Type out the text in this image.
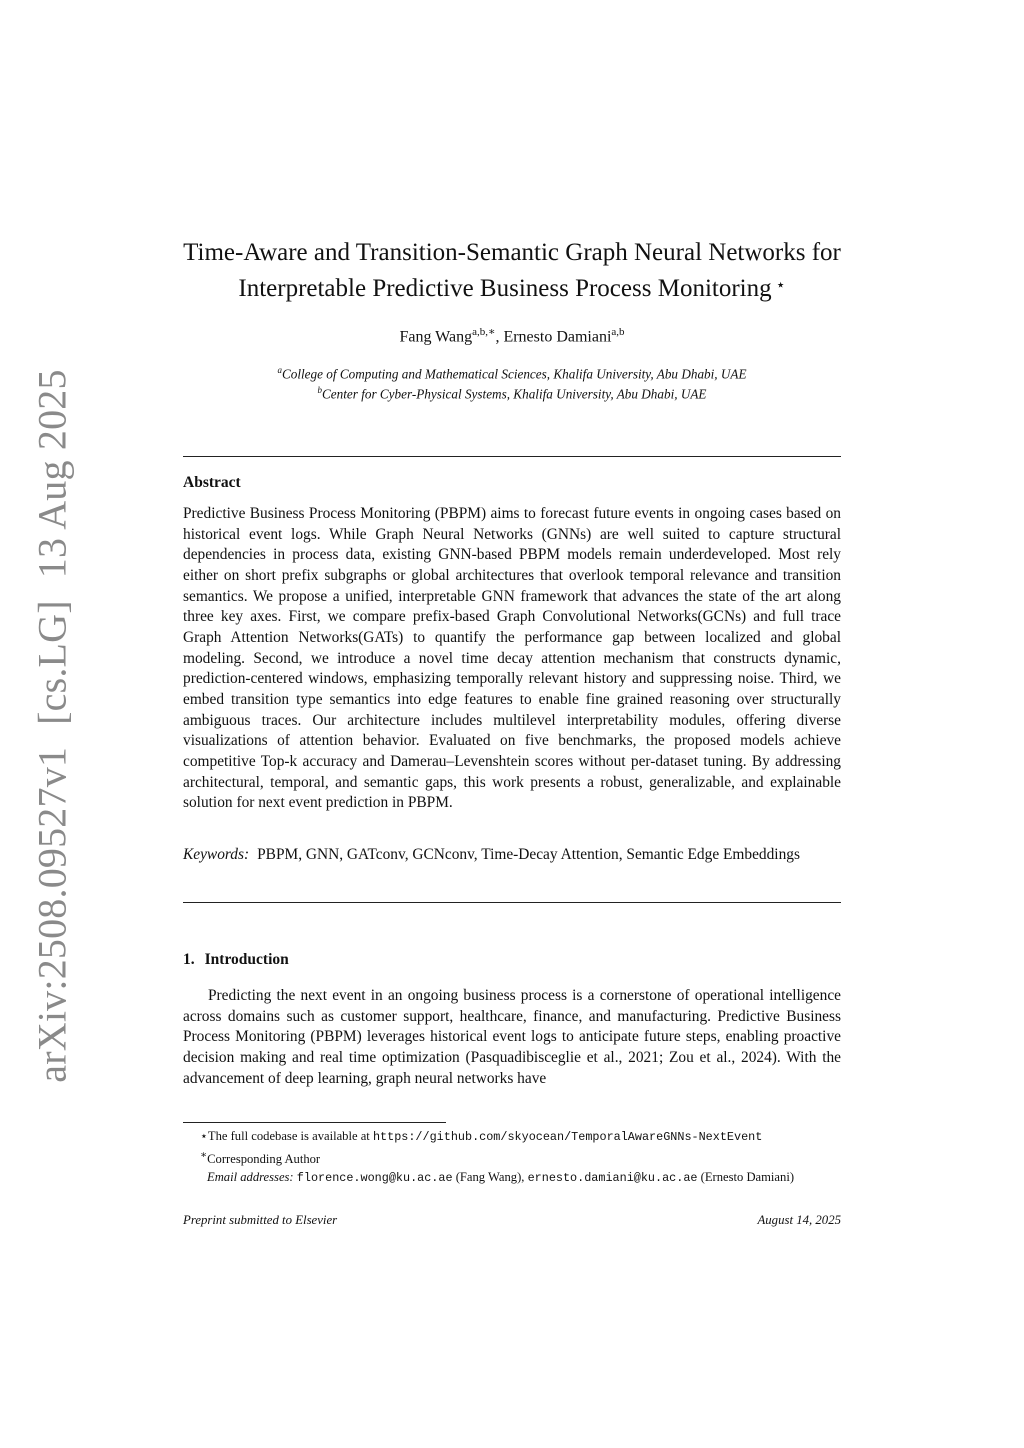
arXiv:2508.09527v1[cs.LG]13 Aug 2025
Time-Aware and Transition-Semantic Graph Neural Networks for
Interpretable Predictive Business Process Monitoring ⋆
Fang Wang$^{a,b,∗}$, Ernesto Damiani$^{a,b}$
$^a$College of Computing and Mathematical Sciences, Khalifa University, Abu Dhabi, UAE
$^b$Center for Cyber-Physical Systems, Khalifa University, Abu Dhabi, UAE
Abstract

Predictive Business Process Monitoring (PBPM) aims to forecast future events in ongoing cases based on historical event logs. While Graph Neural Networks (GNNs) are well suited to capture structural dependencies in process data, existing GNN-based PBPM models remain underdeveloped. Most rely either on short prefix subgraphs or global architectures that overlook temporal relevance and transition semantics. We propose a unified, interpretable GNN framework that advances the state of the art along three key axes. First, we compare prefix-based Graph Convolutional Networks(GCNs) and full trace Graph Attention Networks(GATs) to quantify the performance gap between localized and global modeling. Second, we introduce a novel time decay attention mechanism that constructs dynamic, prediction-centered windows, emphasizing temporally relevant history and suppressing noise. Third, we embed transition type semantics into edge features to enable fine grained reasoning over structurally ambiguous traces. Our architecture includes multilevel interpretability modules, offering diverse visualizations of attention behavior. Evaluated on five benchmarks, the proposed models achieve competitive Top-k accuracy and Damerau–Levenshtein scores without per-dataset tuning. By addressing architectural, temporal, and semantic gaps, this work presents a robust, generalizable, and explainable solution for next event prediction in PBPM.

Keywords: PBPM, GNN, GATconv, GCNconv, Time-Decay Attention, Semantic Edge Embeddings

1. Introduction

Predicting the next event in an ongoing business process is a cornerstone of operational intelligence across domains such as customer support, healthcare, finance, and manufacturing. Predictive Business Process Monitoring (PBPM) leverages historical event logs to anticipate future steps, enabling proactive decision making and real time optimization (Pasquadibisceglie et al., 2021; Zou et al., 2024). With the advancement of deep learning, graph neural networks have

⋆The full codebase is available at https://github.com/skyocean/TemporalAwareGNNs-NextEvent
∗Corresponding Author
Email addresses: florence.wong@ku.ac.ae (Fang Wang), ernesto.damiani@ku.ac.ae (Ernesto Damiani)
Preprint submitted to Elsevier	August 14, 2025
